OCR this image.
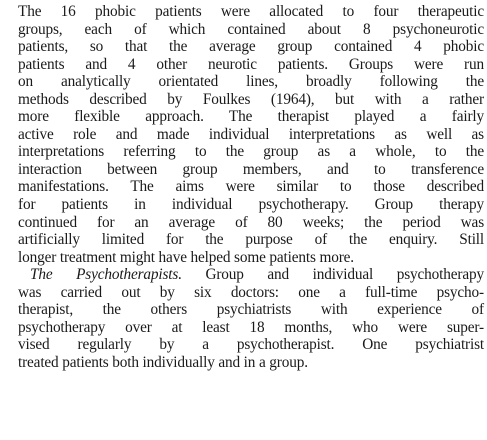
The 16 phobic patients were allocated to four therapeutic
groups, each of which contained about 8 psychoneurotic
patients, so that the average group contained 4 phobic
patients and 4 other neurotic patients. Groups were run
on analytically orientated lines, broadly following the
methods described by Foulkes (1964), but with a rather
more flexible approach. The therapist played a fairly
active role and made individual interpretations as well as
interpretations referring to the group as a whole, to the
interaction between group members, and to transference
manifestations. The aims were similar to those described
for patients in individual psychotherapy. Group therapy
continued for an average of 80 weeks; the period was
artificially limited for the purpose of the enquiry. Still
longer treatment might have helped some patients more.
The Psychotherapists. Group and individual psychotherapy
was carried out by six doctors: one a full-time psycho-
therapist, the others psychiatrists with experience of
psychotherapy over at least 18 months, who were super-
vised regularly by a psychotherapist. One psychiatrist
treated patients both individually and in a group.
